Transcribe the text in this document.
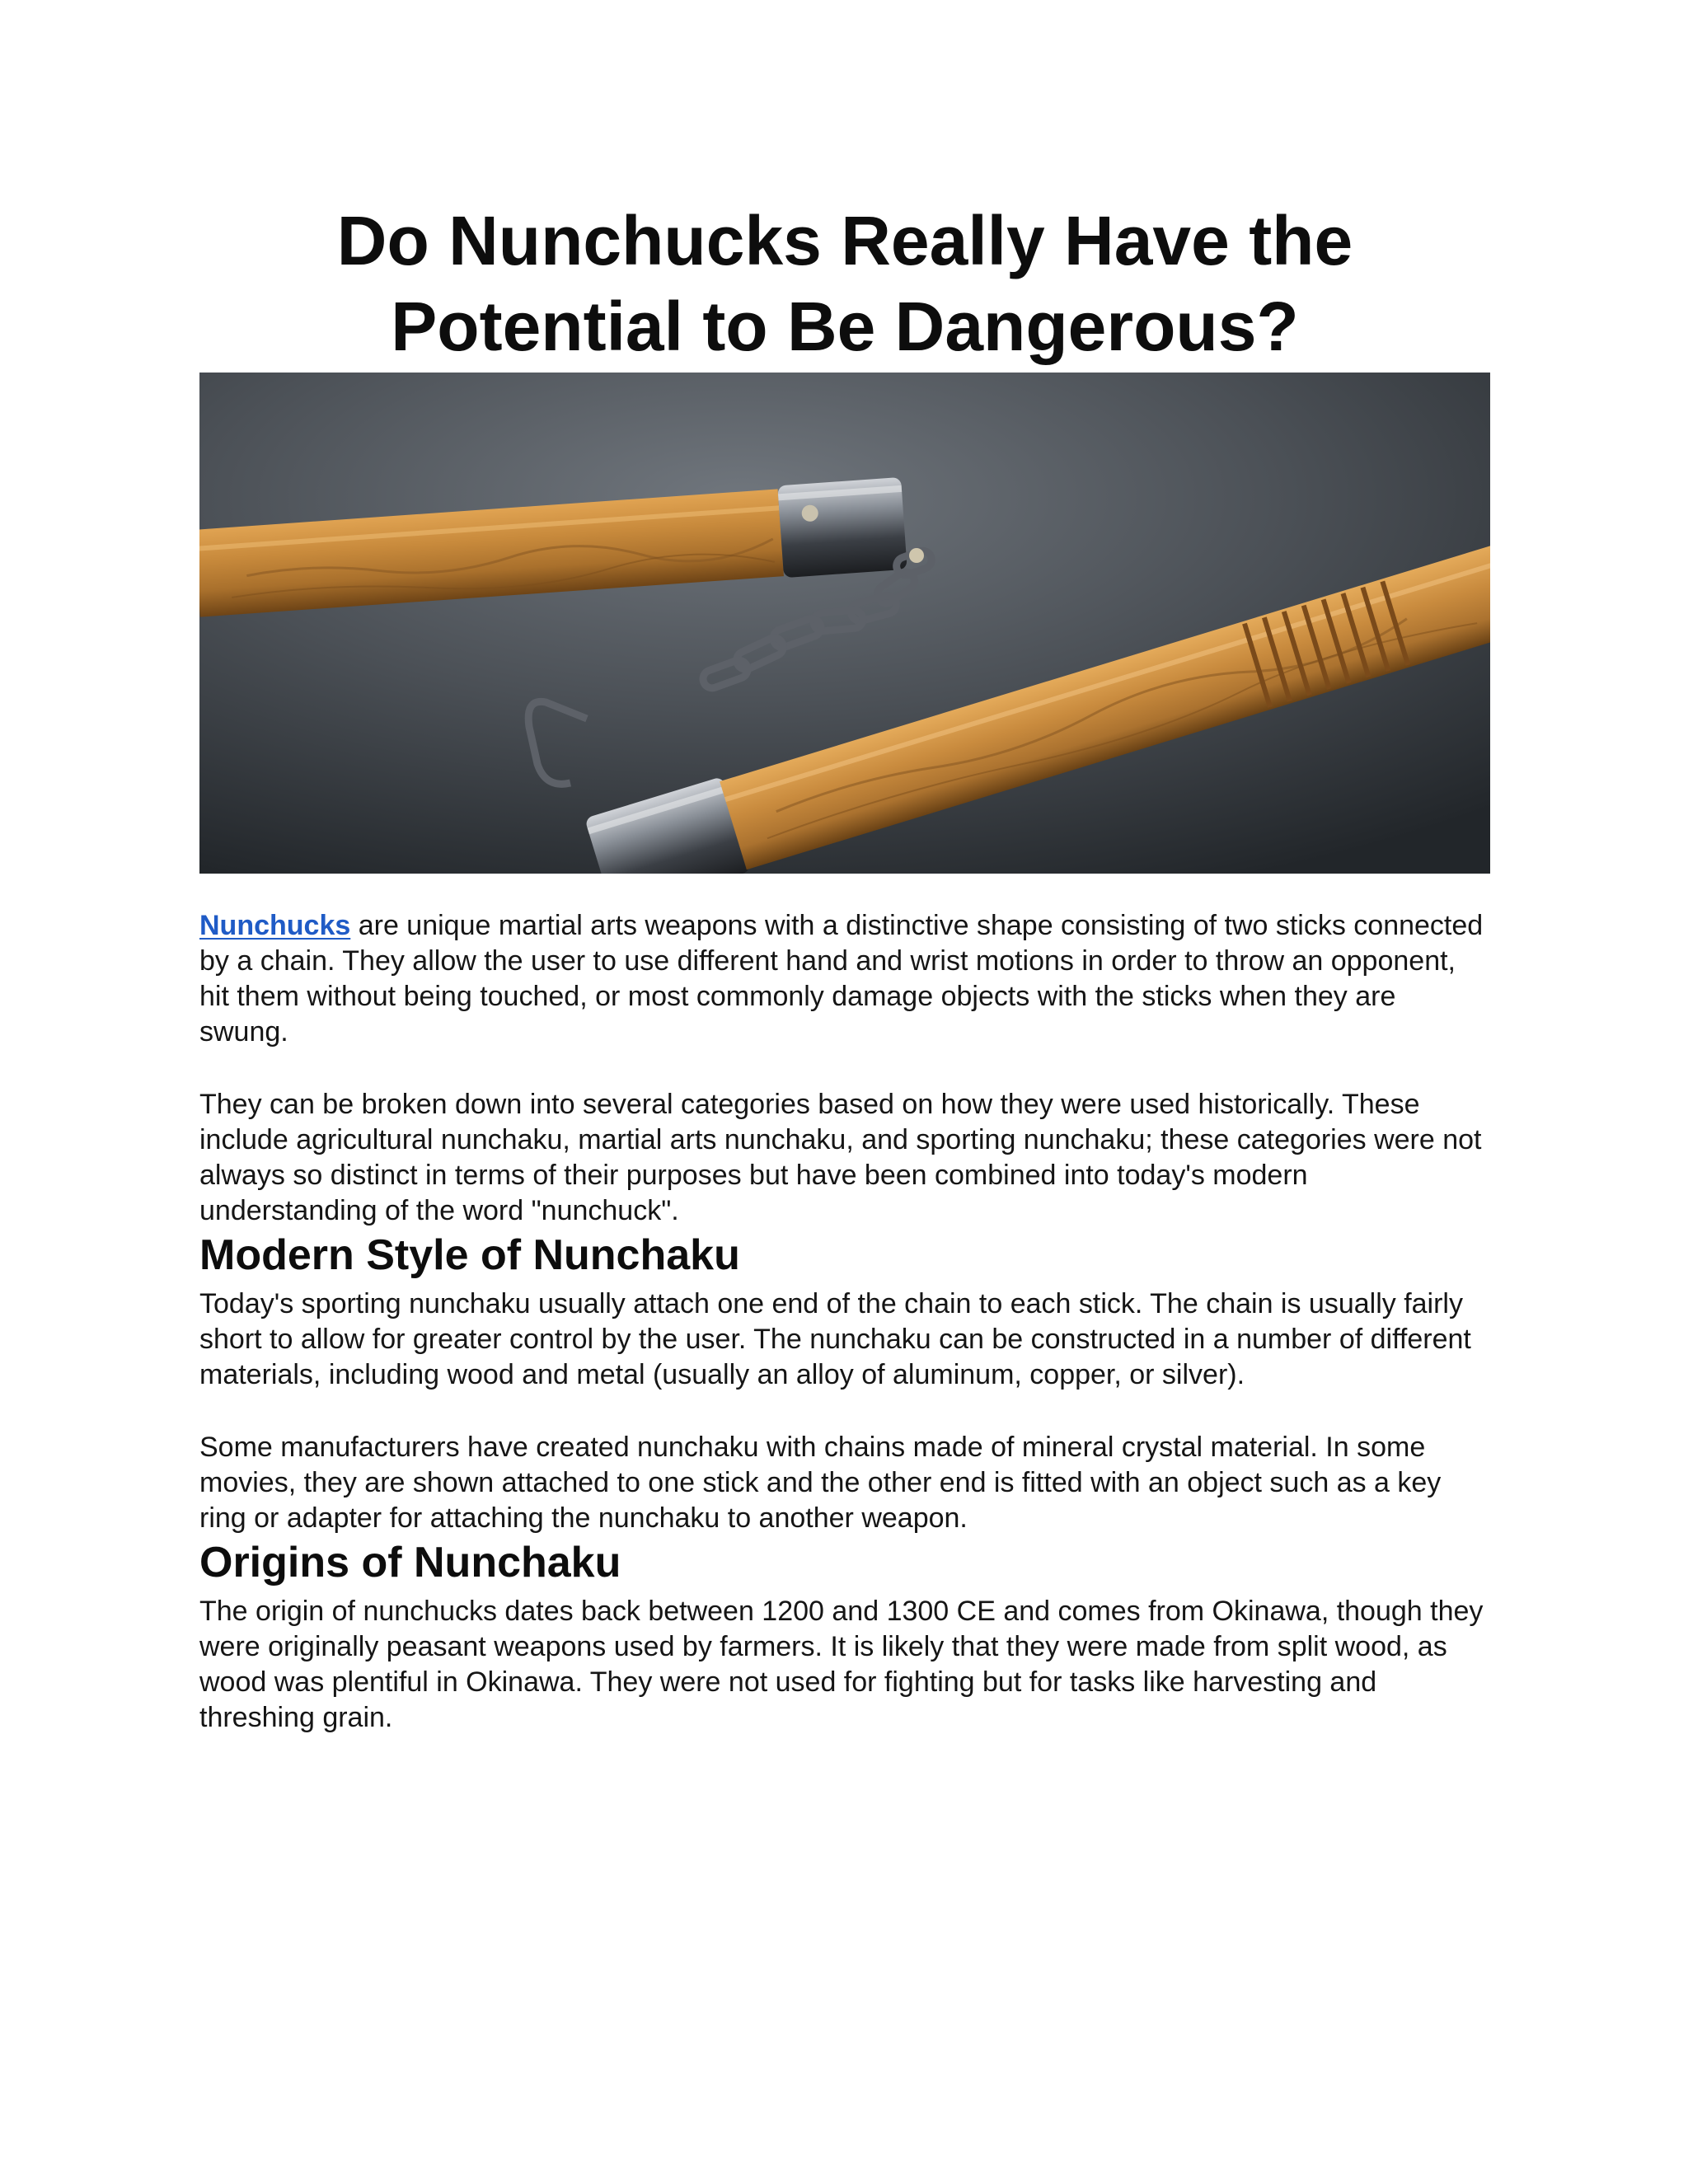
Do Nunchucks Really Have the
Potential to Be Dangerous?

Nunchucks are unique martial arts weapons with a distinctive shape consisting of two sticks connected by a chain. They allow the user to use different hand and wrist motions in order to throw an opponent, hit them without being touched, or most commonly damage objects with the sticks when they are swung.

They can be broken down into several categories based on how they were used historically. These include agricultural nunchaku, martial arts nunchaku, and sporting nunchaku; these categories were not always so distinct in terms of their purposes but have been combined into today's modern understanding of the word "nunchuck".

Modern Style of Nunchaku

Today's sporting nunchaku usually attach one end of the chain to each stick. The chain is usually fairly short to allow for greater control by the user. The nunchaku can be constructed in a number of different materials, including wood and metal (usually an alloy of aluminum, copper, or silver).

Some manufacturers have created nunchaku with chains made of mineral crystal material. In some movies, they are shown attached to one stick and the other end is fitted with an object such as a key ring or adapter for attaching the nunchaku to another weapon.

Origins of Nunchaku

The origin of nunchucks dates back between 1200 and 1300 CE and comes from Okinawa, though they were originally peasant weapons used by farmers. It is likely that they were made from split wood, as wood was plentiful in Okinawa. They were not used for fighting but for tasks like harvesting and threshing grain.
